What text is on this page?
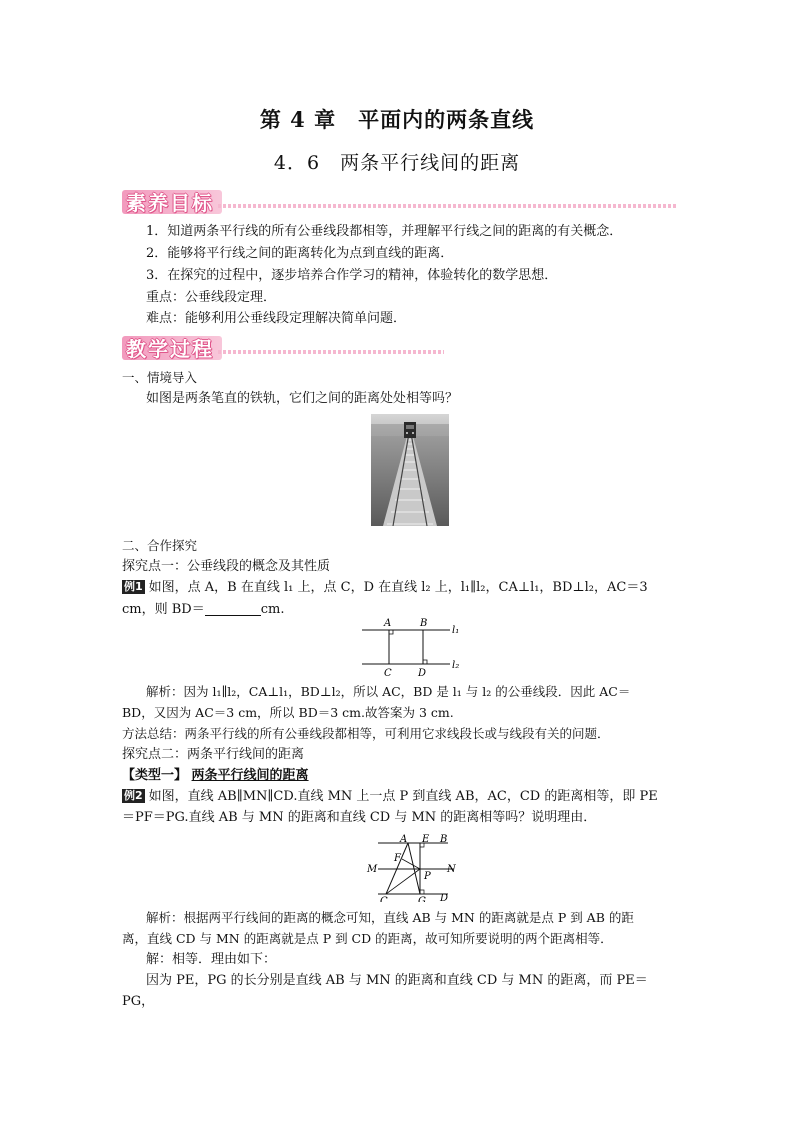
第 4 章　平面内的两条直线
4．6　两条平行线间的距离
素养目标
1．知道两条平行线的所有公垂线段都相等，并理解平行线之间的距离的有关概念．
2．能够将平行线之间的距离转化为点到直线的距离．
3．在探究的过程中，逐步培养合作学习的精神，体验转化的数学思想．
重点：公垂线段定理．
难点：能够利用公垂线段定理解决简单问题．
教学过程
一、情境导入
如图是两条笔直的铁轨，它们之间的距离处处相等吗？
二、合作探究
探究点一：公垂线段的概念及其性质
例1 如图，点 A，B 在直线 l₁ 上，点 C，D 在直线 l₂ 上，l₁∥l₂，CA⊥l₁，BD⊥l₂，AC＝3
cm，则 BD＝	cm.
A	B
C	D
l₁
l₂
解析：因为 l₁∥l₂，CA⊥l₁，BD⊥l₂，所以 AC，BD 是 l₁ 与 l₂ 的公垂线段．因此 AC＝
BD，又因为 AC＝3 cm，所以 BD＝3 cm.故答案为 3 cm.
方法总结：两条平行线的所有公垂线段都相等，可利用它求线段长或与线段有关的问题．
探究点二：两条平行线间的距离
【类型一】 两条平行线间的距离
例2 如图，直线 AB∥MN∥CD.直线 MN 上一点 P 到直线 AB，AC，CD 的距离相等，即 PE
＝PF＝PG.直线 AB 与 MN 的距离和直线 CD 与 MN 的距离相等吗？说明理由．
A E B
F
M	N
P
C	G D
解析：根据两平行线间的距离的概念可知，直线 AB 与 MN 的距离就是点 P 到 AB 的距
离，直线 CD 与 MN 的距离就是点 P 到 CD 的距离，故可知所要说明的两个距离相等．
解：相等．理由如下：
因为 PE，PG 的长分别是直线 AB 与 MN 的距离和直线 CD 与 MN 的距离，而 PE＝
PG，
